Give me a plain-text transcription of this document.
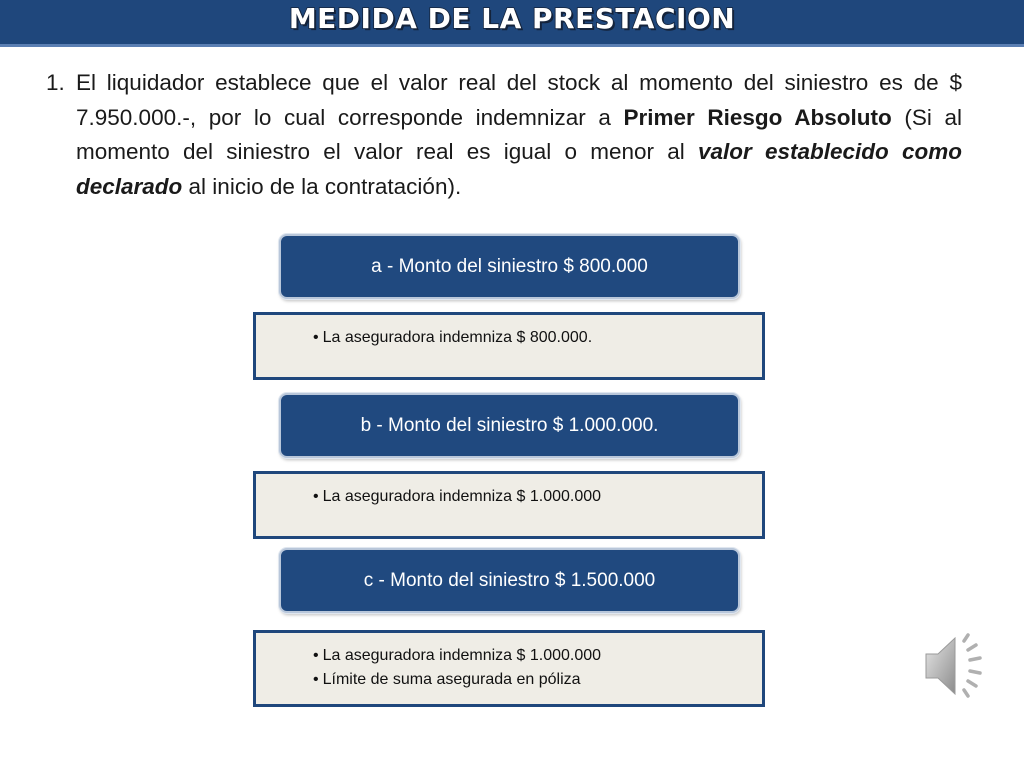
MEDIDA DE LA PRESTACION
1. El liquidador establece que el valor real del stock al momento del siniestro es de $ 7.950.000.-, por lo cual corresponde indemnizar a Primer Riesgo Absoluto (Si al momento del siniestro el valor real es igual o menor al valor establecido como declarado al inicio de la contratación).
a - Monto del siniestro $ 800.000
• La aseguradora indemniza $ 800.000.
b - Monto del siniestro $ 1.000.000.
• La aseguradora indemniza $ 1.000.000
c - Monto del siniestro $ 1.500.000
• La aseguradora indemniza $ 1.000.000
• Límite de suma asegurada en póliza
